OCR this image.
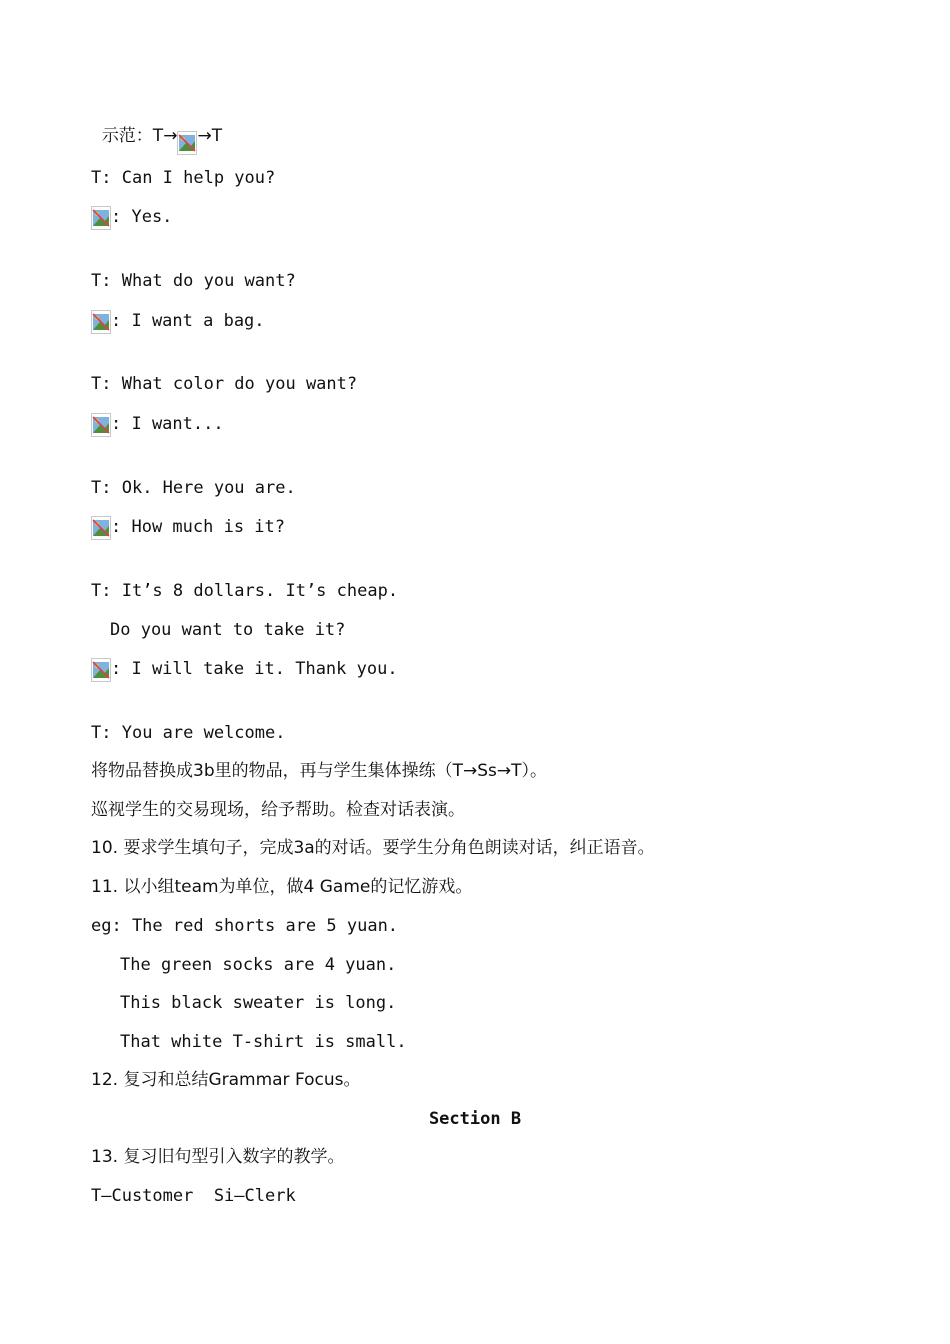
示范：T→ →T

T: Can I help you?
: Yes.
T: What do you want?
: I want a bag.
T: What color do you want?
: I want...
T: Ok. Here you are.
: How much is it?
T: It’s 8 dollars. It’s cheap.
Do you want to take it?
: I will take it. Thank you.
T: You are welcome.
将物品替换成3b里的物品，再与学生集体操练（T→Ss→T）。
巡视学生的交易现场，给予帮助。检查对话表演。
10. 要求学生填句子，完成3a的对话。要学生分角色朗读对话，纠正语音。
11. 以小组team为单位，做4 Game的记忆游戏。
eg: The red shorts are 5 yuan.
The green socks are 4 yuan.
This black sweater is long.
That white T-shirt is small.
12. 复习和总结Grammar Focus。
Section B
13. 复习旧句型引入数字的教学。
T—Customer  Si—Clerk
